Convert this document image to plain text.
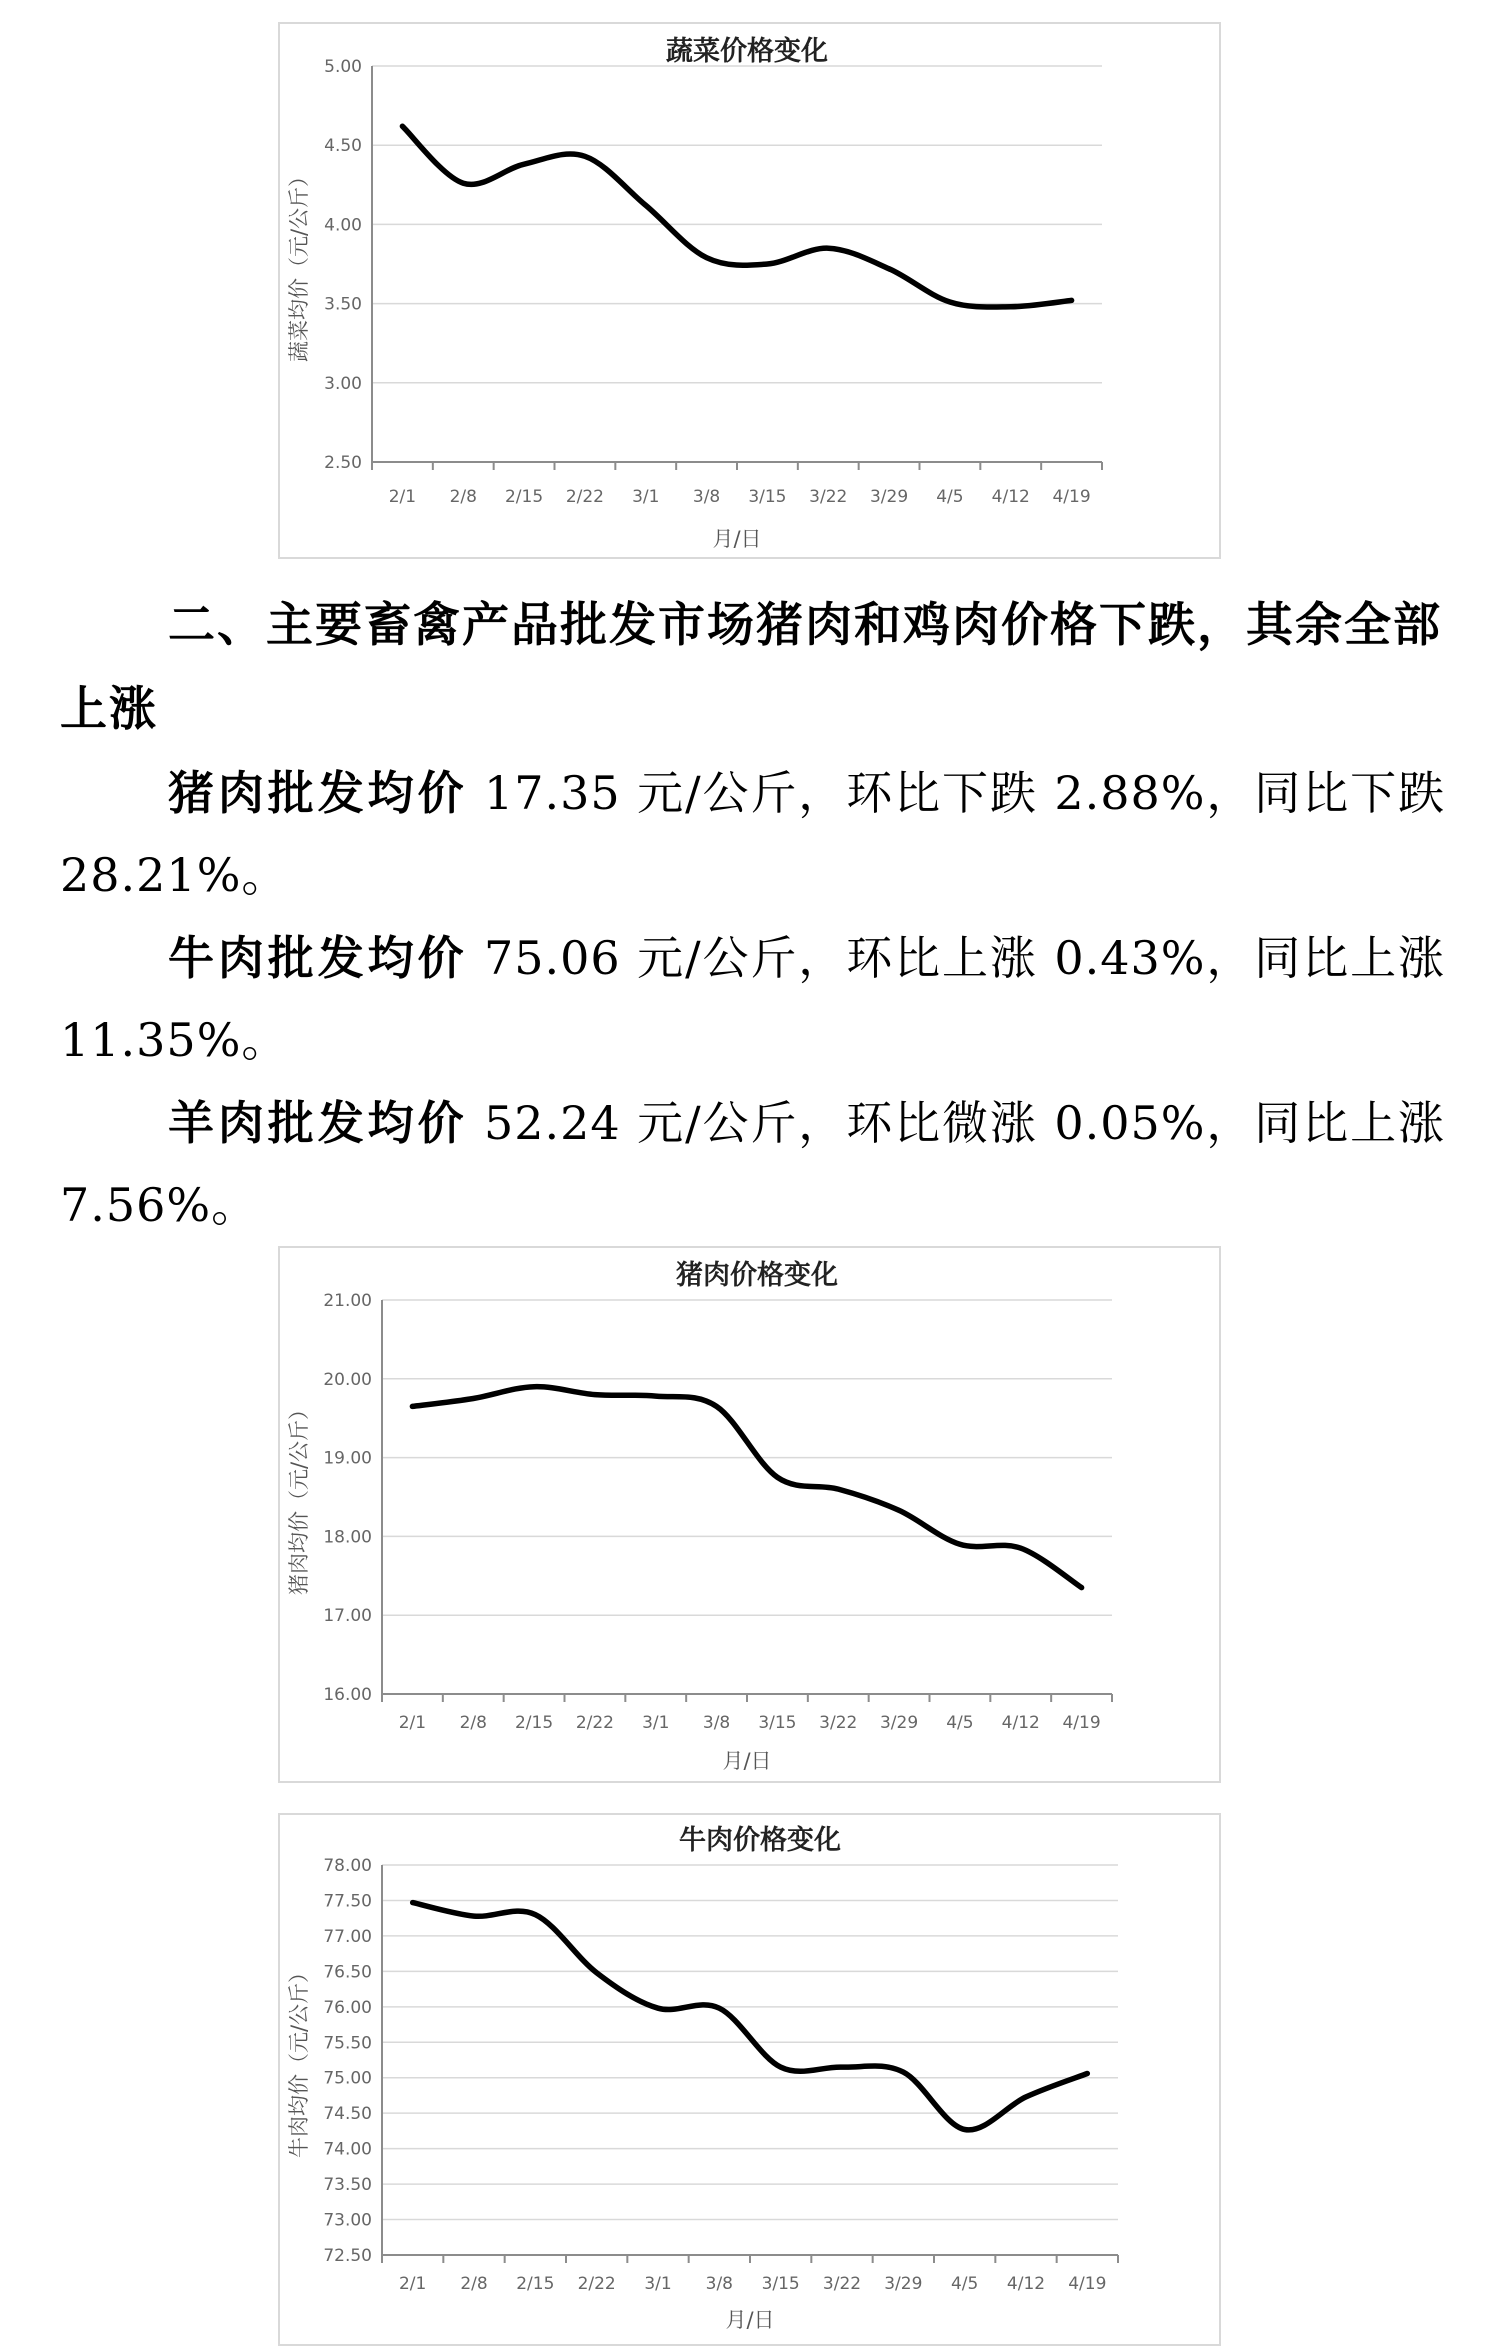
蔬菜价格变化
2.50
3.00
3.50
4.00
4.50
5.00
2/1 2/8 2/15 2/22 3/1 3/8 3/15 3/22 3/29 4/5 4/12 4/19
月/日
蔬菜均价（元/公斤）
二、主要畜禽产品批发市场猪肉和鸡肉价格下跌，其余全部上涨
猪肉批发均价 17.35 元/公斤，环比下跌 2.88%，同比下跌 28.21%。
牛肉批发均价 75.06 元/公斤，环比上涨 0.43%，同比上涨 11.35%。
羊肉批发均价 52.24 元/公斤，环比微涨 0.05%，同比上涨 7.56%。
猪肉价格变化
16.00
17.00
18.00
19.00
20.00
21.00
2/1 2/8 2/15 2/22 3/1 3/8 3/15 3/22 3/29 4/5 4/12 4/19
月/日
猪肉均价（元/公斤）
牛肉价格变化
72.50
73.00
73.50
74.00
74.50
75.00
75.50
76.00
76.50
77.00
77.50
78.00
2/1 2/8 2/15 2/22 3/1 3/8 3/15 3/22 3/29 4/5 4/12 4/19
月/日
牛肉均价（元/公斤）
